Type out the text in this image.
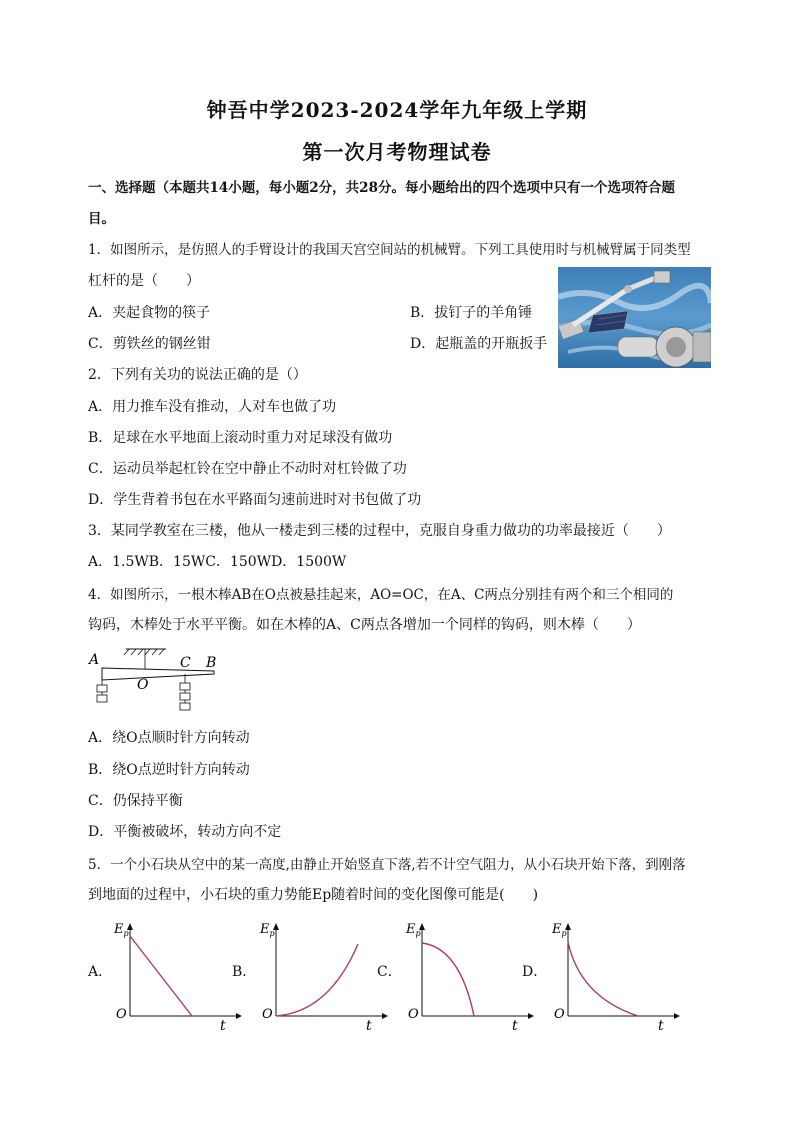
钟吾中学2023-2024学年九年级上学期
第一次月考物理试卷
一、选择题（本题共14小题，每小题2分，共28分。每小题给出的四个选项中只有一个选项符合题
目。
1．如图所示，是仿照人的手臂设计的我国天宫空间站的机械臂。下列工具使用时与机械臂属于同类型
杠杆的是（　　）
A．夹起食物的筷子	B．拔钉子的羊角锤
C．剪铁丝的钢丝钳	D．起瓶盖的开瓶扳手
2．下列有关功的说法正确的是（）
A．用力推车没有推动，人对车也做了功
B．足球在水平地面上滚动时重力对足球没有做功
C．运动员举起杠铃在空中静止不动时对杠铃做了功
D．学生背着书包在水平路面匀速前进时对书包做了功
3．某同学教室在三楼，他从一楼走到三楼的过程中，克服自身重力做功的功率最接近（　　）
A．1.5WB．15WC．150WD．1500W
4．如图所示，一根木棒AB在O点被悬挂起来，AO=OC，在A、C两点分别挂有两个和三个相同的
钩码，木棒处于水平平衡。如在木棒的A、C两点各增加一个同样的钩码，则木棒（　　）
A
O
C B
A．绕O点顺时针方向转动
B．绕O点逆时针方向转动
C．仍保持平衡
D．平衡被破坏，转动方向不定
5．一个小石块从空中的某一高度,由静止开始竖直下落,若不计空气阻力，从小石块开始下落，到刚落
到地面的过程中，小石块的重力势能Ep随着时间的变化图像可能是(　　)
A．
$E_p$
O
t
B．
$E_p$
O
t
C．
$E_p$
O
t
D．
$E_p$
O
t
